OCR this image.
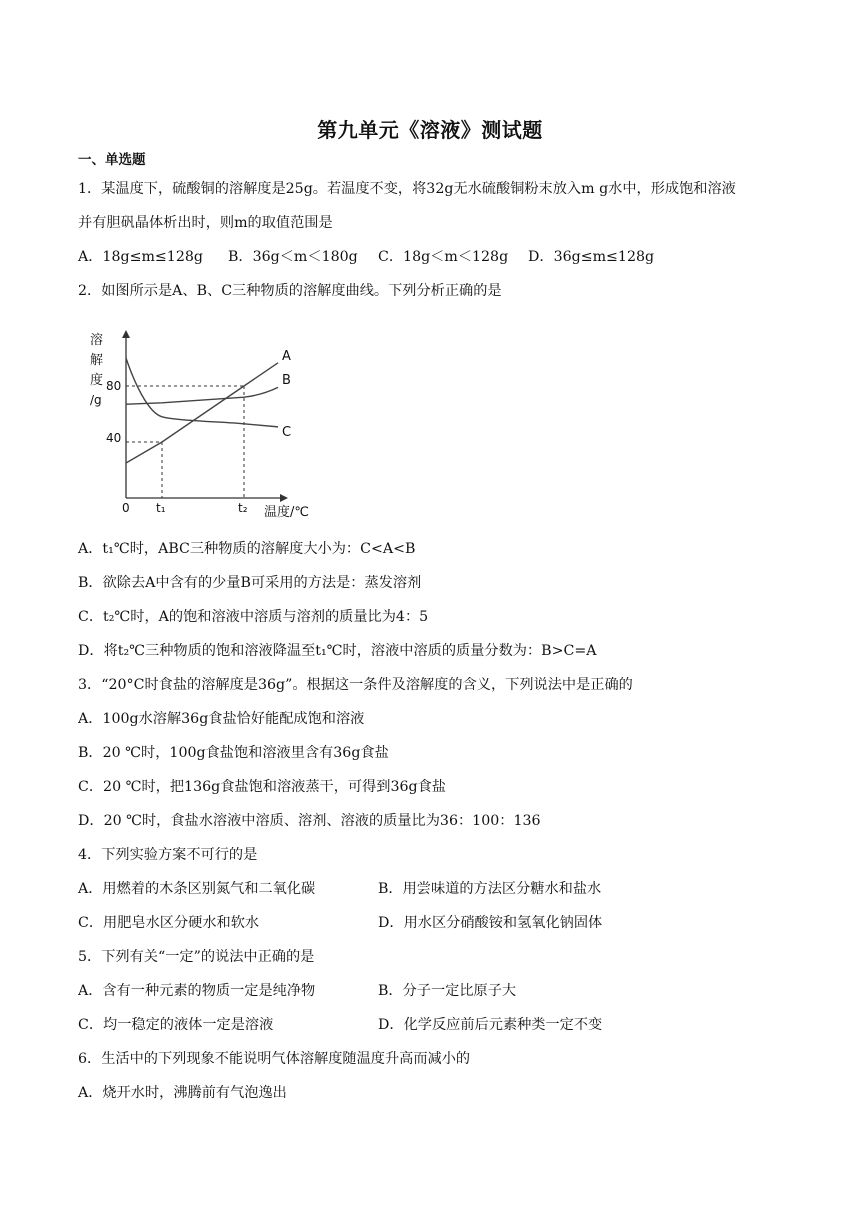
第九单元《溶液》测试题
一、单选题
1．某温度下，硫酸铜的溶解度是25g。若温度不变，将32g无水硫酸铜粉末放入m g水中，形成饱和溶液
并有胆矾晶体析出时，则m的取值范围是
A．18g≤m≤128g B．36g＜m＜180g C．18g＜m＜128g D．36g≤m≤128g
2．如图所示是A、B、C三种物质的溶解度曲线。下列分析正确的是
溶
解
度
/g
80
40
0 t₁	t₂ 温度/℃
A
B
C
A．t₁℃时，ABC三种物质的溶解度大小为：C<A<B
B．欲除去A中含有的少量B可采用的方法是：蒸发溶剂
C．t₂℃时，A的饱和溶液中溶质与溶剂的质量比为4：5
D．将t₂℃三种物质的饱和溶液降温至t₁℃时，溶液中溶质的质量分数为：B>C=A
3．“20°C时食盐的溶解度是36g”。根据这一条件及溶解度的含义，下列说法中是正确的
A．100g水溶解36g食盐恰好能配成饱和溶液
B．20 ℃时，100g食盐饱和溶液里含有36g食盐
C．20 ℃时，把136g食盐饱和溶液蒸干，可得到36g食盐
D．20 ℃时，食盐水溶液中溶质、溶剂、溶液的质量比为36：100：136
4．下列实验方案不可行的是
A．用燃着的木条区别氮气和二氧化碳	B．用尝味道的方法区分糖水和盐水
C．用肥皂水区分硬水和软水	D．用水区分硝酸铵和氢氧化钠固体
5．下列有关“一定”的说法中正确的是
A．含有一种元素的物质一定是纯净物	B．分子一定比原子大
C．均一稳定的液体一定是溶液	D．化学反应前后元素种类一定不变
6．生活中的下列现象不能说明气体溶解度随温度升高而减小的
A．烧开水时，沸腾前有气泡逸出
